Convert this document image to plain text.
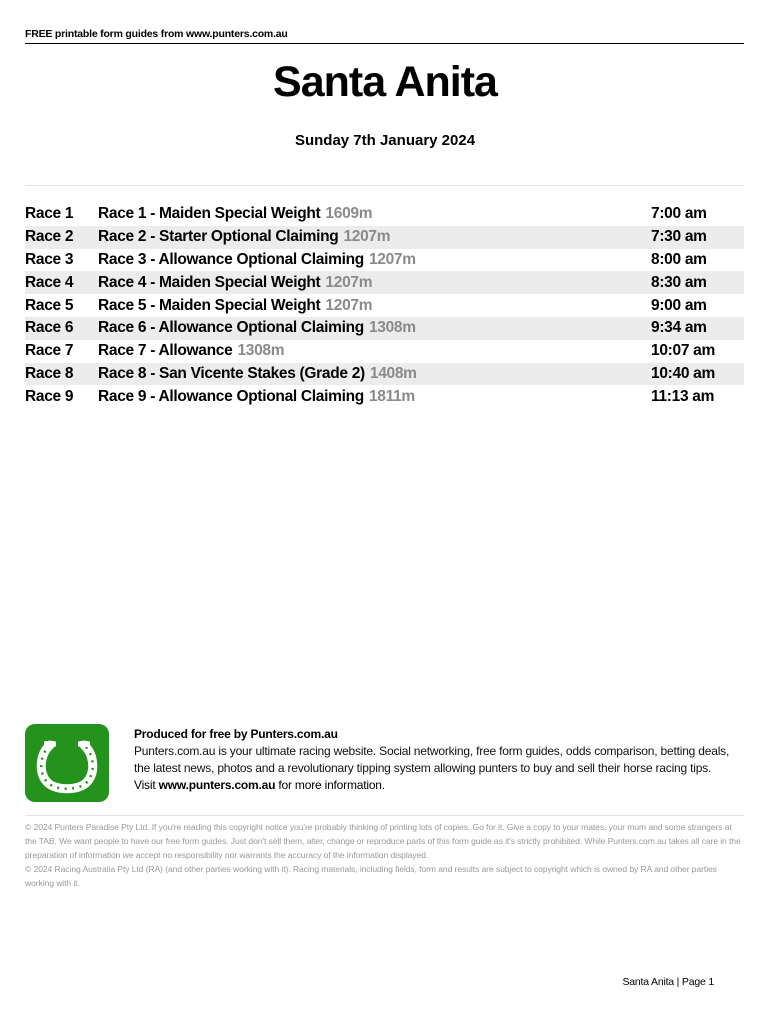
FREE printable form guides from www.punters.com.au
Santa Anita
Sunday 7th January 2024
Race 1	Race 1 - Maiden Special Weight 1609m	7:00 am
Race 2	Race 2 - Starter Optional Claiming 1207m	7:30 am
Race 3	Race 3 - Allowance Optional Claiming 1207m	8:00 am
Race 4	Race 4 - Maiden Special Weight 1207m	8:30 am
Race 5	Race 5 - Maiden Special Weight 1207m	9:00 am
Race 6	Race 6 - Allowance Optional Claiming 1308m	9:34 am
Race 7	Race 7 - Allowance 1308m	10:07 am
Race 8	Race 8 - San Vicente Stakes (Grade 2) 1408m	10:40 am
Race 9	Race 9 - Allowance Optional Claiming 1811m	11:13 am
Produced for free by Punters.com.au
Punters.com.au is your ultimate racing website. Social networking, free form guides, odds comparison, betting deals, the latest news, photos and a revolutionary tipping system allowing punters to buy and sell their horse racing tips.
Visit www.punters.com.au for more information.

© 2024 Punters Paradise Pty Ltd. If you're reading this copyright notice you're probably thinking of printing lots of copies. Go for it. Give a copy to your mates, your mum and some strangers at the TAB. We want people to have our free form guides. Just don't sell them, alter, change or reproduce parts of this form guide as it's strictly prohibited. While Punters.com.au takes all care in the preparation of information we accept no responsibility nor warrants the accuracy of the information displayed.

© 2024 Racing Australia Pty Ltd (RA) (and other parties working with it). Racing materials, including fields, form and results are subject to copyright which is owned by RA and other parties working with it.

Santa Anita | Page 1
